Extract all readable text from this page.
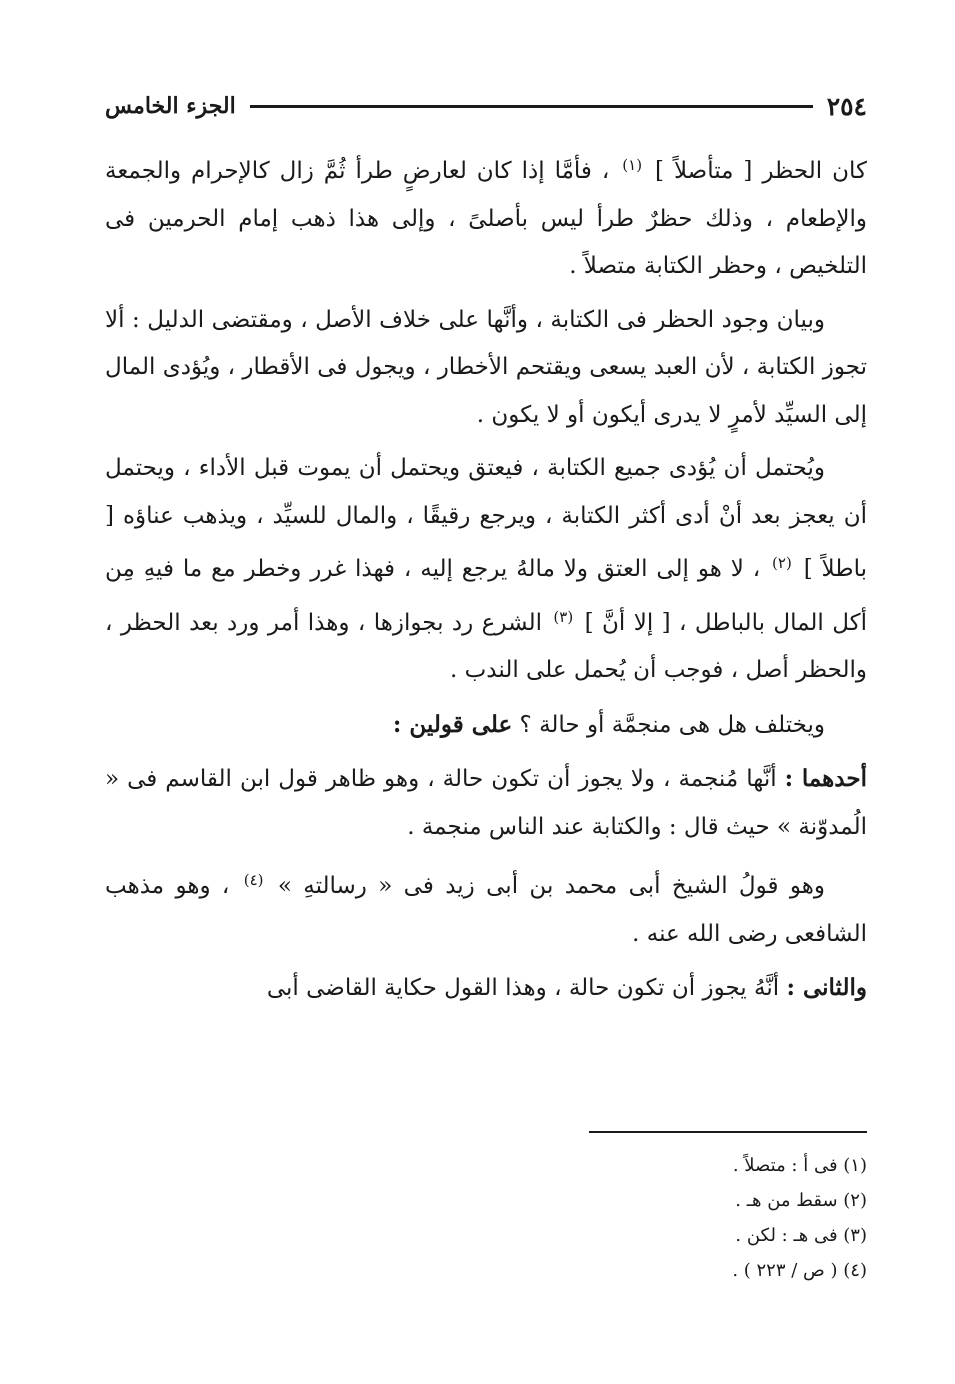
٢٥٤
الجزء الخامس

كان الحظر [ متأصلاً ] $^{(١)}$ ، فأمَّا إذا كان لعارضٍ طرأ ثُمَّ زال كالإحرام والجمعة والإطعام ، وذلك حظرٌ طرأ ليس بأصلىً ، وإلى هذا ذهب إمام الحرمين فى التلخيص ، وحظر الكتابة متصلاً .

وبيان وجود الحظر فى الكتابة ، وأنَّها على خلاف الأصل ، ومقتضى الدليل : ألا تجوز الكتابة ، لأن العبد يسعى ويقتحم الأخطار ، ويجول فى الأقطار ، ويُؤدى المال إلى السيِّد لأمرٍ لا يدرى أيكون أو لا يكون .

ويُحتمل أن يُؤدى جميع الكتابة ، فيعتق ويحتمل أن يموت قبل الأداء ، ويحتمل أن يعجز بعد أنْ أدى أكثر الكتابة ، ويرجع رقيقًا ، والمال للسيِّد ، ويذهب عناؤه [ باطلاً ] $^{(٢)}$ ، لا هو إلى العتق ولا مالهُ يرجع إليه ، فهذا غرر وخطر مع ما فيهِ مِن أكل المال بالباطل ، [ إلا أنَّ ] $^{(٣)}$ الشرع رد بجوازها ، وهذا أمر ورد بعد الحظر ، والحظر أصل ، فوجب أن يُحمل على الندب .

ويختلف هل هى منجمَّة أو حالة ؟ على قولين :

أحدهما : أنَّها مُنجمة ، ولا يجوز أن تكون حالة ، وهو ظاهر قول ابن القاسم فى « الُمدوّنة » حيث قال : والكتابة عند الناس منجمة .

وهو قولُ الشيخ أبى محمد بن أبى زيد فى « رسالتهِ » $^{(٤)}$ ، وهو مذهب الشافعى رضى الله عنه .

والثانى : أنَّهُ يجوز أن تكون حالة ، وهذا القول حكاية القاضى أبى

(١) فى أ : متصلاً .
(٢) سقط من هـ .
(٣) فى هـ : لكن .
(٤) ( ص / ٢٢٣ ) .
